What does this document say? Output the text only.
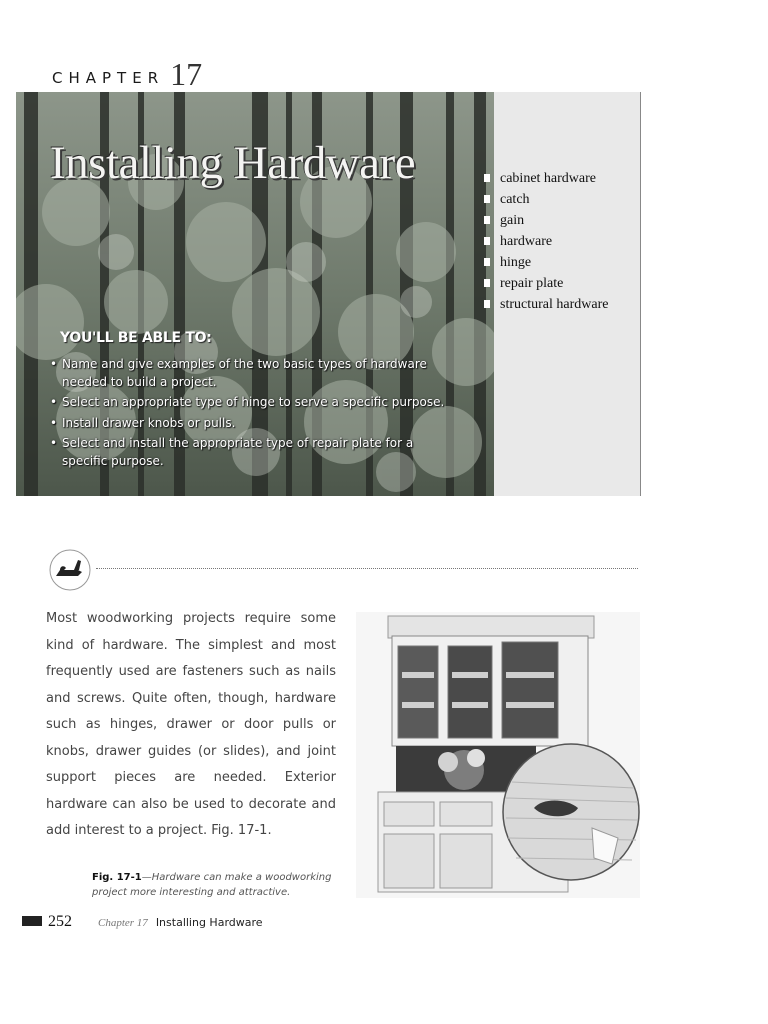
CHAPTER 17
Installing Hardware
YOU'LL BE ABLE TO:
• Name and give examples of the two basic types of hardware needed to build a project.
• Select an appropriate type of hinge to serve a specific purpose.
• Install drawer knobs or pulls.
• Select and install the appropriate type of repair plate for a specific purpose.
cabinet hardware
catch
gain
hardware
hinge
repair plate
structural hardware

Most woodworking projects require some kind of hardware. The simplest and most frequently used are fasteners such as nails and screws. Quite often, though, hardware such as hinges, drawer or door pulls or knobs, drawer guides (or slides), and joint support pieces are needed. Exterior hardware can also be used to decorate and add interest to a project. Fig. 17-1.

Fig. 17-1—Hardware can make a woodworking project more interesting and attractive.

252 Chapter 17 Installing Hardware
